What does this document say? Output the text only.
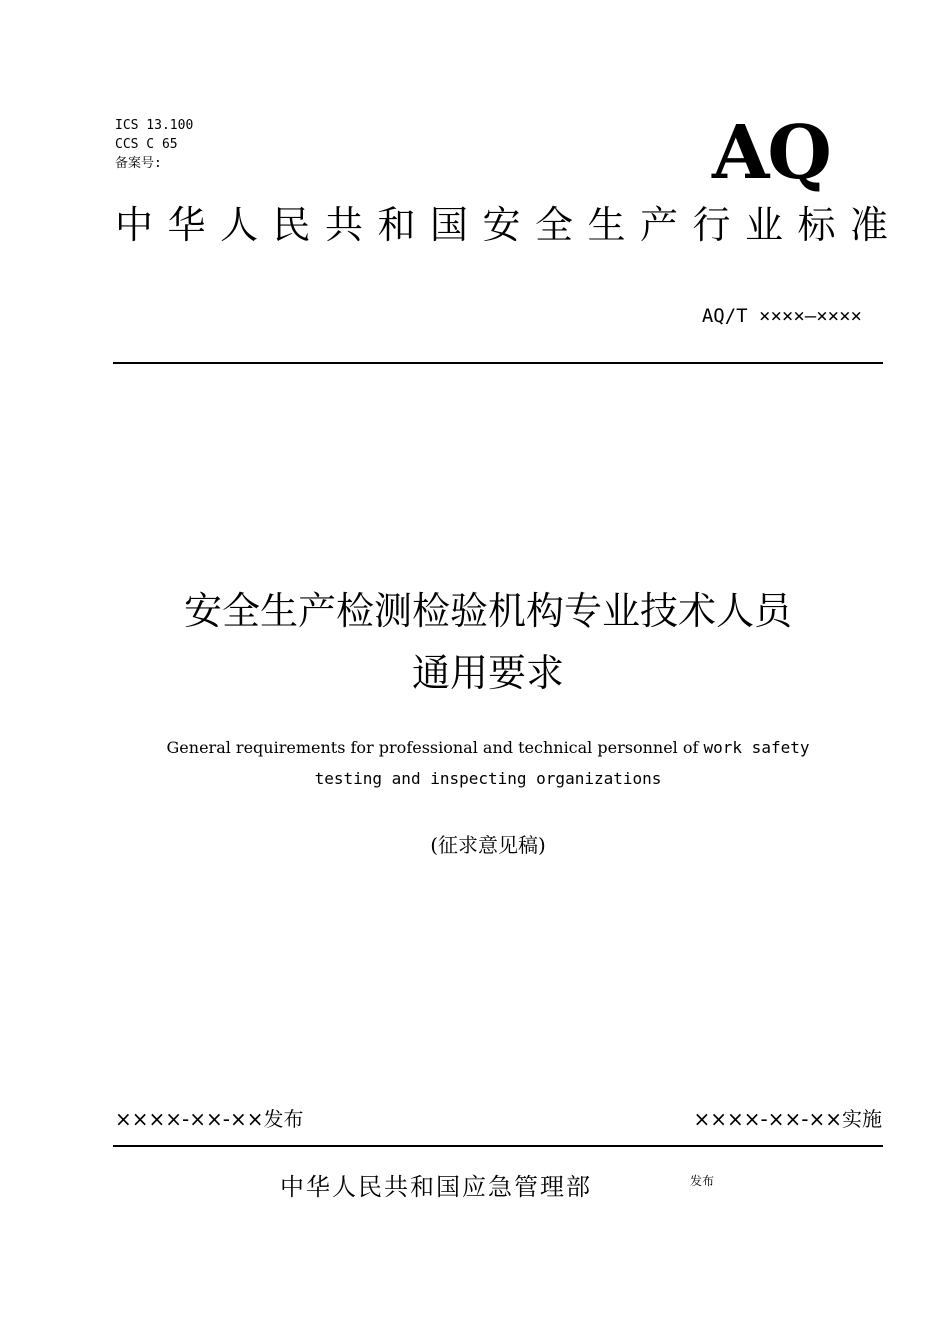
ICS 13.100
CCS C 65
备案号:	AQ
中华人民共和国安全生产行业标准
AQ/T ××××—××××
安全生产检测检验机构专业技术人员
通用要求
General requirements for professional and technical personnel of work safety
testing and inspecting organizations
(征求意见稿)
××××-××-××发布	××××-××-××实施
中华人民共和国应急管理部	发布
